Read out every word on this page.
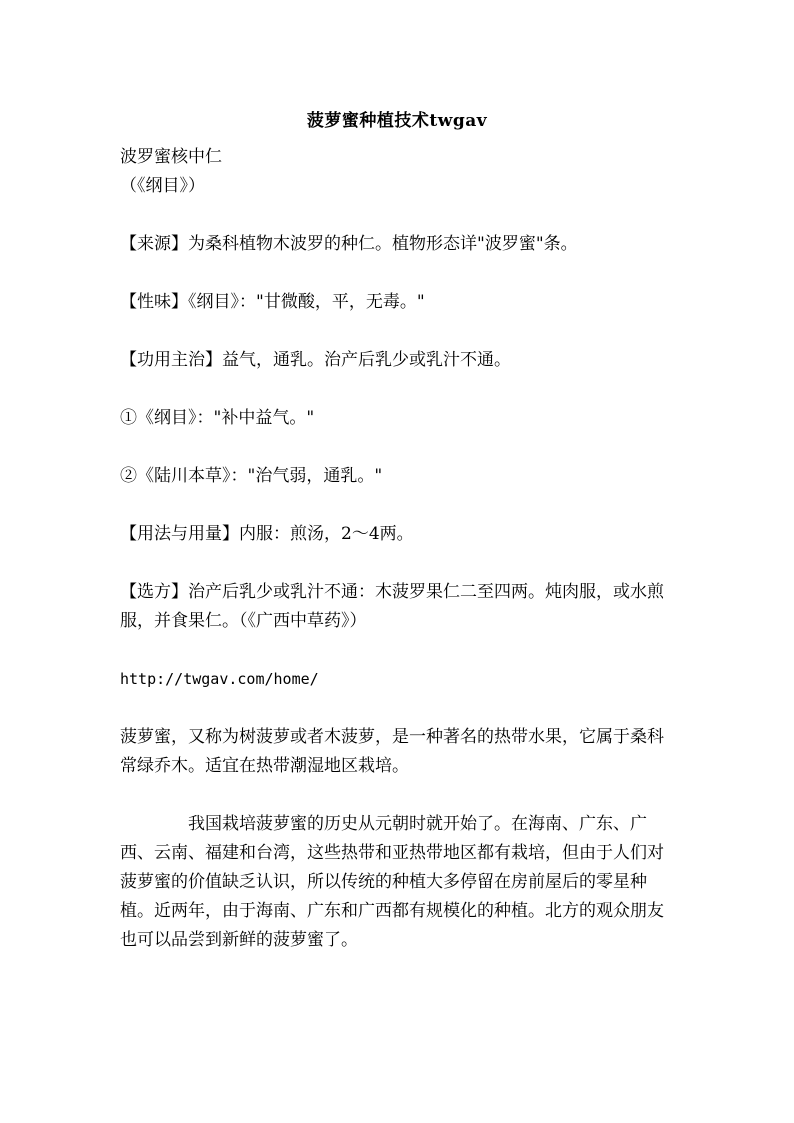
菠萝蜜种植技术twgav

波罗蜜核中仁

（《纲目》）

【来源】为桑科植物木波罗的种仁。植物形态详"波罗蜜"条。

【性味】《纲目》："甘微酸，平，无毒。"

【功用主治】益气，通乳。治产后乳少或乳汁不通。

①《纲目》："补中益气。"

②《陆川本草》："治气弱，通乳。"

【用法与用量】内服：煎汤，2～4两。

【选方】治产后乳少或乳汁不通：木菠罗果仁二至四两。炖肉服，或水煎服，并食果仁。（《广西中草药》）

http://twgav.com/home/

菠萝蜜，又称为树菠萝或者木菠萝，是一种著名的热带水果，它属于桑科常绿乔木。适宜在热带潮湿地区栽培。

我国栽培菠萝蜜的历史从元朝时就开始了。在海南、广东、广西、云南、福建和台湾，这些热带和亚热带地区都有栽培，但由于人们对菠萝蜜的价值缺乏认识，所以传统的种植大多停留在房前屋后的零星种植。近两年，由于海南、广东和广西都有规模化的种植。北方的观众朋友也可以品尝到新鲜的菠萝蜜了。
